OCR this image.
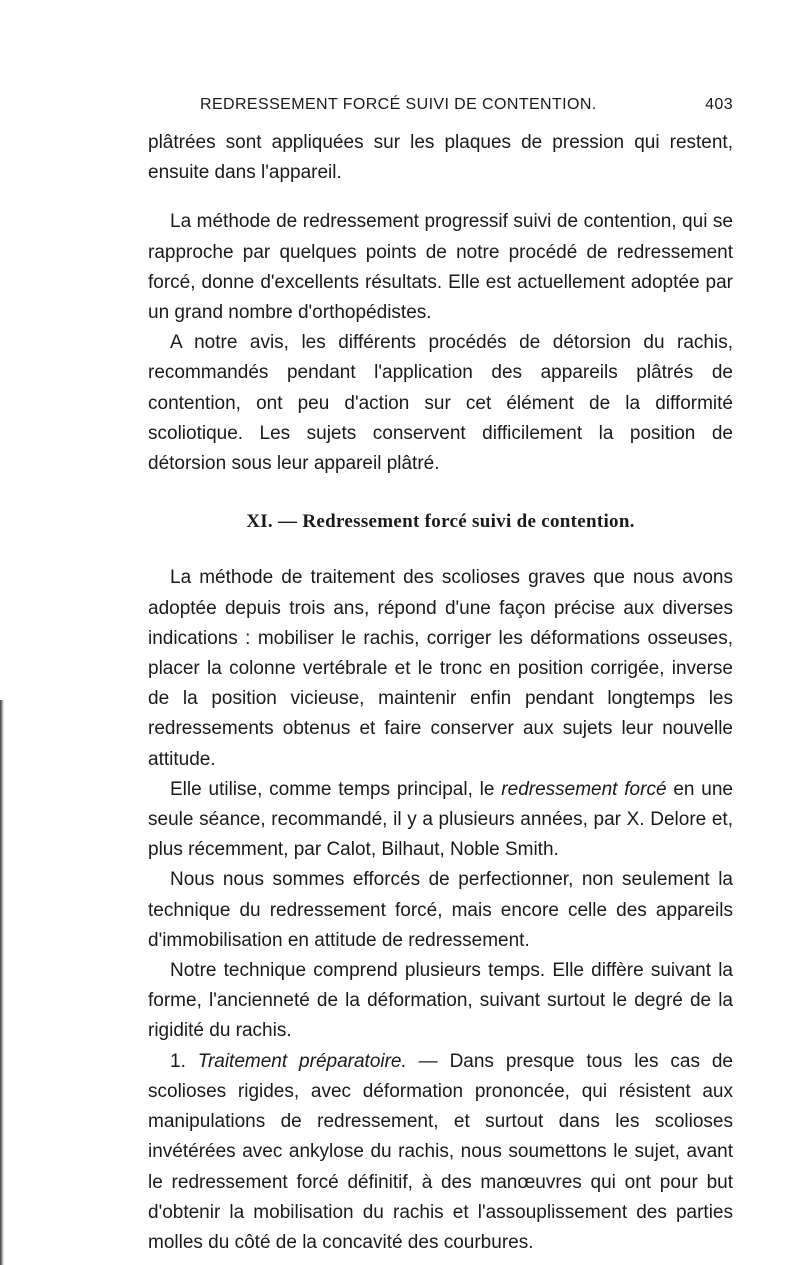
REDRESSEMENT FORCÉ SUIVI DE CONTENTION.	403

plâtrées sont appliquées sur les plaques de pression qui restent, ensuite dans l'appareil.

La méthode de redressement progressif suivi de contention, qui se rapproche par quelques points de notre procédé de redressement forcé, donne d'excellents résultats. Elle est actuellement adoptée par un grand nombre d'orthopédistes.

A notre avis, les différents procédés de détorsion du rachis, recommandés pendant l'application des appareils plâtrés de contention, ont peu d'action sur cet élément de la difformité scoliotique. Les sujets conservent difficilement la position de détorsion sous leur appareil plâtré.

XI. — Redressement forcé suivi de contention.

La méthode de traitement des scolioses graves que nous avons adoptée depuis trois ans, répond d'une façon précise aux diverses indications : mobiliser le rachis, corriger les déformations osseuses, placer la colonne vertébrale et le tronc en position corrigée, inverse de la position vicieuse, maintenir enfin pendant longtemps les redressements obtenus et faire conserver aux sujets leur nouvelle attitude.

Elle utilise, comme temps principal, le redressement forcé en une seule séance, recommandé, il y a plusieurs années, par X. Delore et, plus récemment, par Calot, Bilhaut, Noble Smith.

Nous nous sommes efforcés de perfectionner, non seulement la technique du redressement forcé, mais encore celle des appareils d'immobilisation en attitude de redressement.

Notre technique comprend plusieurs temps. Elle diffère suivant la forme, l'ancienneté de la déformation, suivant surtout le degré de la rigidité du rachis.

1. Traitement préparatoire. — Dans presque tous les cas de scolioses rigides, avec déformation prononcée, qui résistent aux manipulations de redressement, et surtout dans les scolioses invétérées avec ankylose du rachis, nous soumettons le sujet, avant le redressement forcé définitif, à des manœuvres qui ont pour but d'obtenir la mobilisation du rachis et l'assouplissement des parties molles du côté de la concavité des courbures.
